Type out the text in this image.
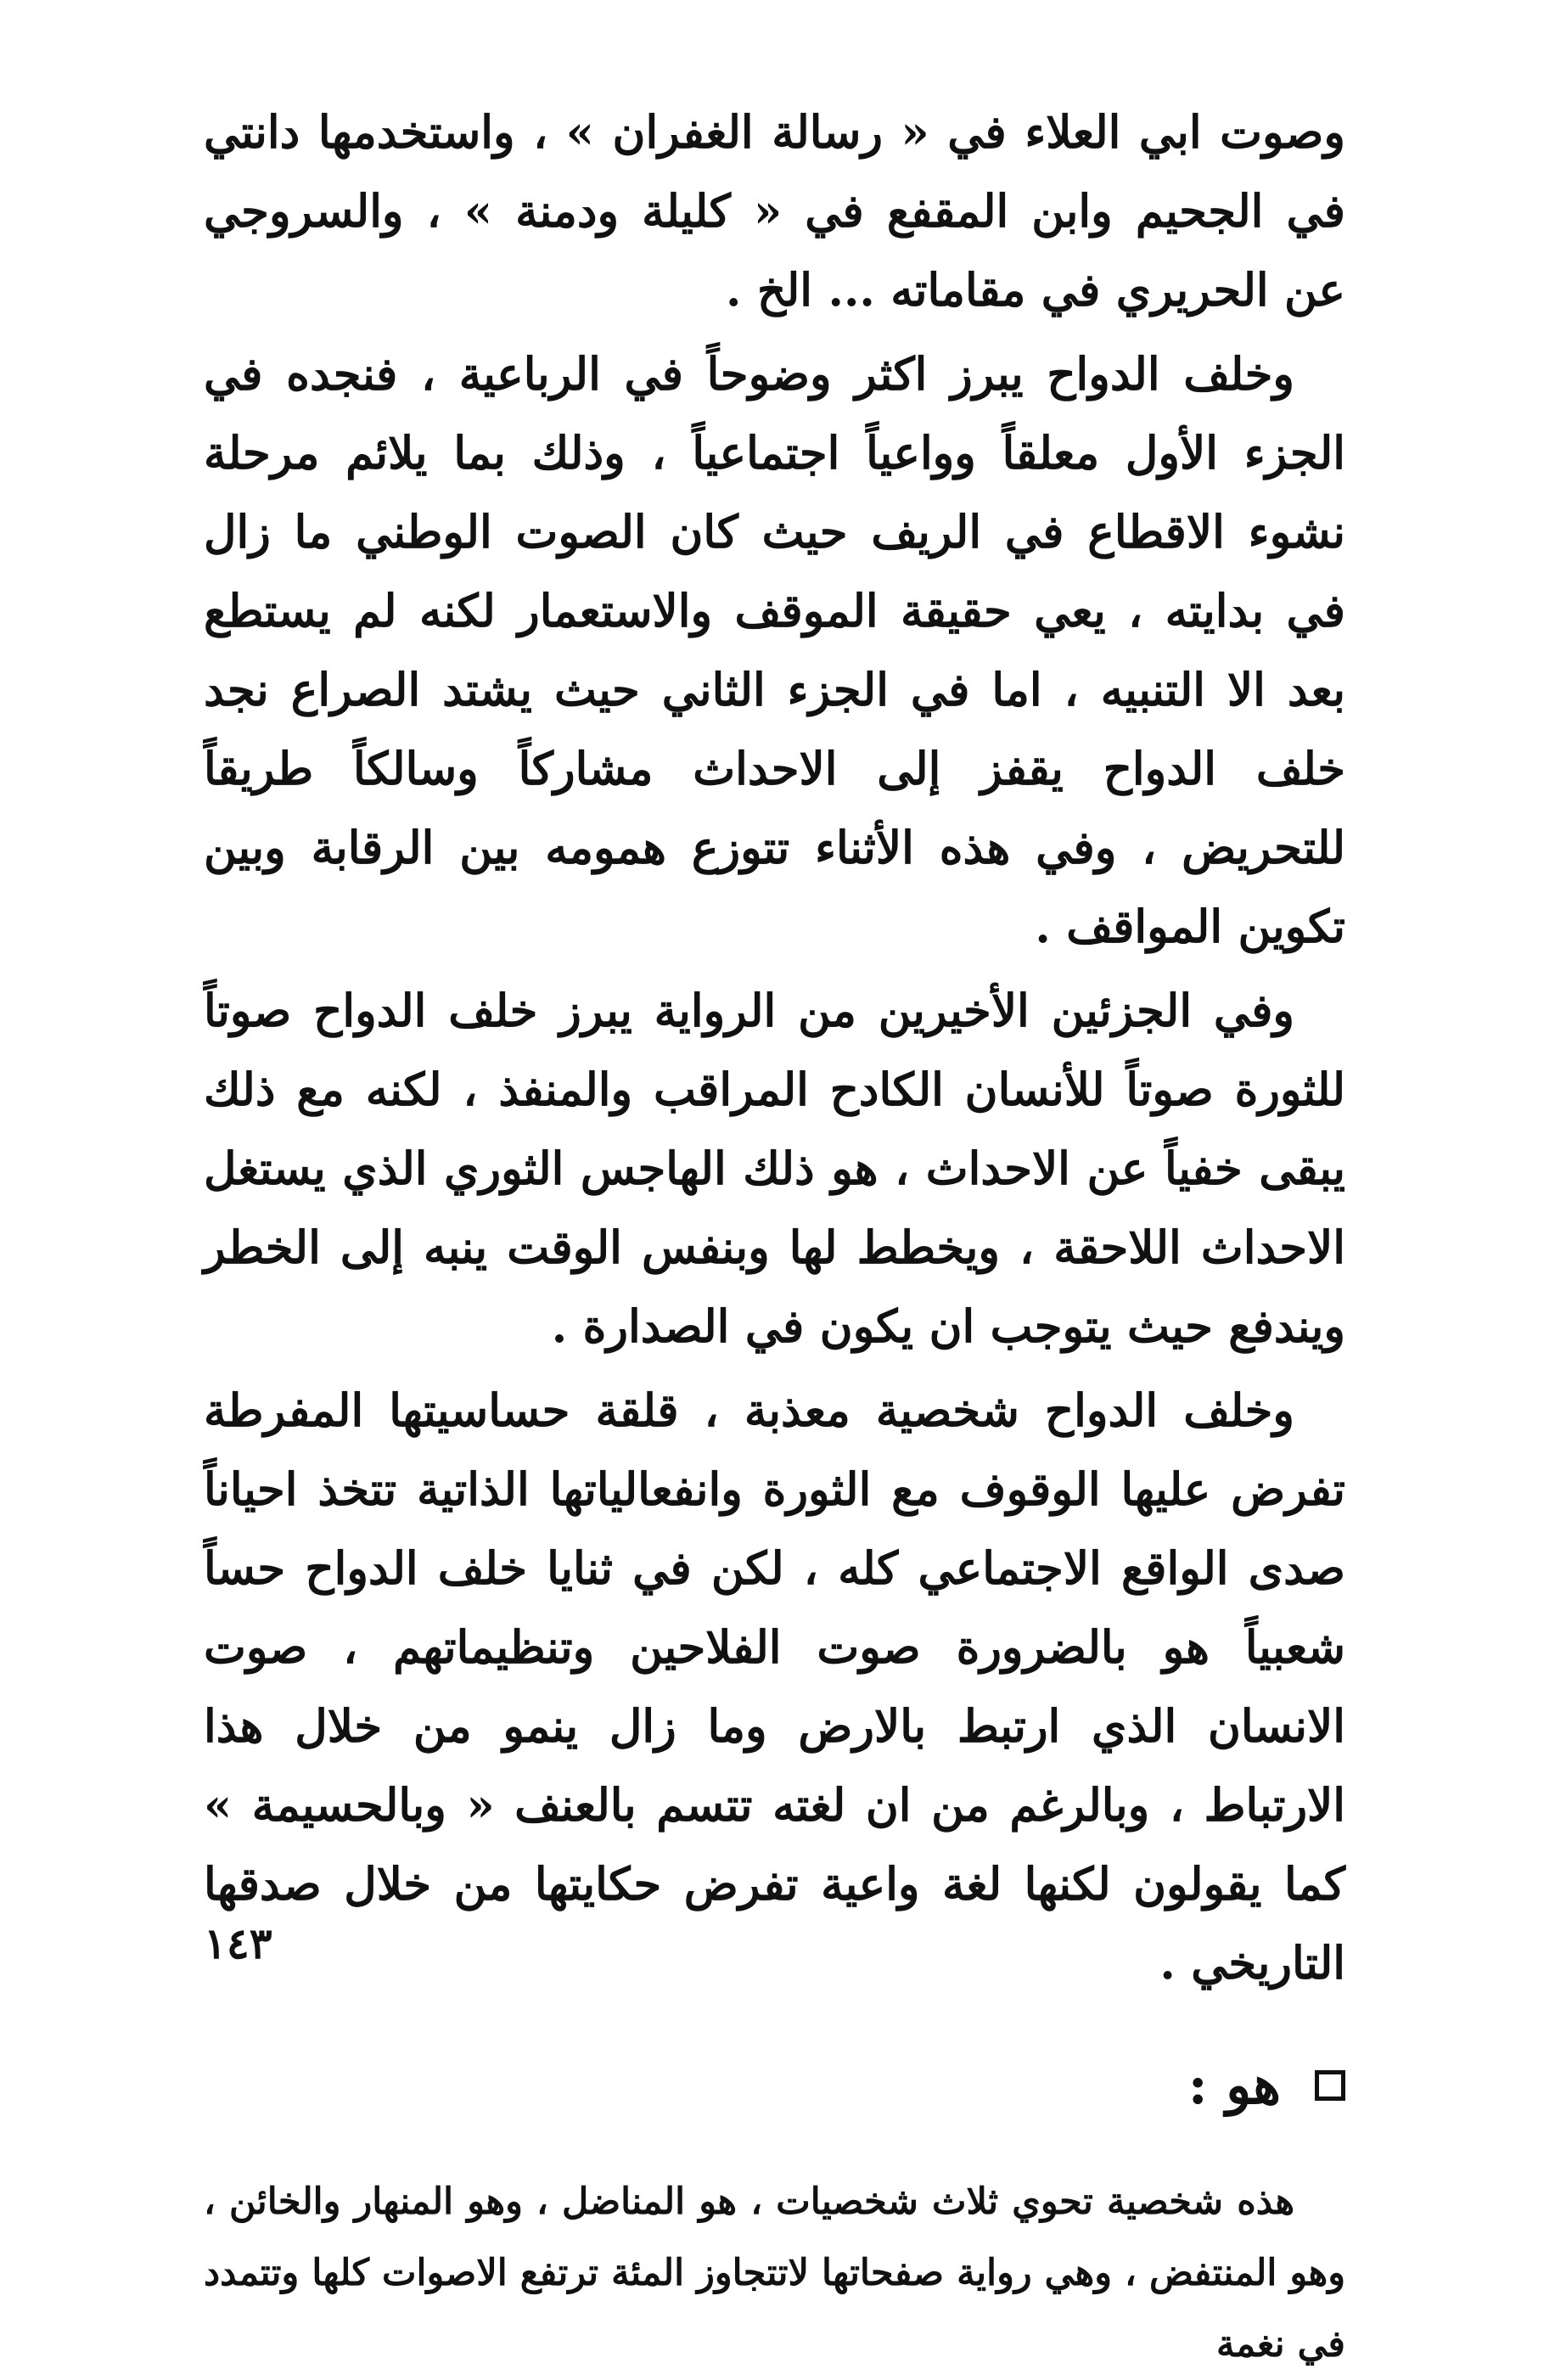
وصوت ابي العلاء في « رسالة الغفران » ، واستخدمها دانتي في الجحيم وابن المقفع في « كليلة ودمنة » ، والسروجي عن الحريري في مقاماته ... الخ .

وخلف الدواح يبرز اكثر وضوحاً في الرباعية ، فنجده في الجزء الأول معلقاً وواعياً اجتماعياً ، وذلك بما يلائم مرحلة نشوء الاقطاع في الريف حيث كان الصوت الوطني ما زال في بدايته ، يعي حقيقة الموقف والاستعمار لكنه لم يستطع بعد الا التنبيه ، اما في الجزء الثاني حيث يشتد الصراع نجد خلف الدواح يقفز إلى الاحداث مشاركاً وسالكاً طريقاً للتحريض ، وفي هذه الأثناء تتوزع همومه بين الرقابة وبين تكوين المواقف .

وفي الجزئين الأخيرين من الرواية يبرز خلف الدواح صوتاً للثورة صوتاً للأنسان الكادح المراقب والمنفذ ، لكنه مع ذلك يبقى خفياً عن الاحداث ، هو ذلك الهاجس الثوري الذي يستغل الاحداث اللاحقة ، ويخطط لها وبنفس الوقت ينبه إلى الخطر ويندفع حيث يتوجب ان يكون في الصدارة .

وخلف الدواح شخصية معذبة ، قلقة حساسيتها المفرطة تفرض عليها الوقوف مع الثورة وانفعالياتها الذاتية تتخذ احياناً صدى الواقع الاجتماعي كله ، لكن في ثنايا خلف الدواح حساً شعبياً هو بالضرورة صوت الفلاحين وتنظيماتهم ، صوت الانسان الذي ارتبط بالارض وما زال ينمو من خلال هذا الارتباط ، وبالرغم من ان لغته تتسم بالعنف « وبالحسيمة » كما يقولون لكنها لغة واعية تفرض حكايتها من خلال صدقها التاريخي .

هو :

هذه شخصية تحوي ثلاث شخصيات ، هو المناضل ، وهو المنهار والخائن ، وهو المنتفض ، وهي رواية صفحاتها لاتتجاوز المئة ترتفع الاصوات كلها وتتمدد في نغمة

١٤٣
